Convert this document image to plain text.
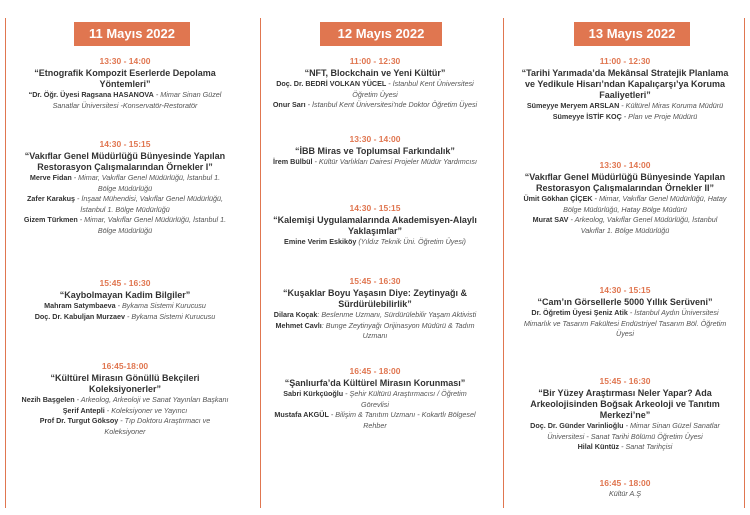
11 Mayıs 2022
13:30 - 14:00
“Etnografik Kompozit Eserlerde Depolama Yöntemleri”
“Dr. Öğr. Üyesi Ragsana HASANOVA - Mimar Sinan Güzel Sanatlar Üniversitesi -Konservatör-Restoratör
14:30 - 15:15
“Vakıflar Genel Müdürlüğü Bünyesinde Yapılan Restorasyon Çalışmalarından Örnekler I”
Merve Fidan - Mimar, Vakıflar Genel Müdürlüğü, İstanbul 1. Bölge Müdürlüğü
Zafer Karakuş - İnşaat Mühendisi, Vakıflar Genel Müdürlüğü, İstanbul 1. Bölge Müdürlüğü
Gizem Türkmen - Mimar, Vakıflar Genel Müdürlüğü, İstanbul 1. Bölge Müdürlüğü
15:45 - 16:30
“Kaybolmayan Kadim Bilgiler”
Mahram Satymbaeva - Bykama Sistemi Kurucusu
Doç. Dr. Kabuljan Murzaev - Bykama Sistemi Kurucusu
16:45-18:00
“Kültürel Mirasın Gönüllü Bekçileri Koleksiyonerler”
Nezih Başgelen - Arkeolog, Arkeoloji ve Sanat Yayınları Başkanı
Şerif Antepli - Koleksiyoner ve Yayıncı
Prof Dr. Turgut Göksoy - Tıp Doktoru Araştırmacı ve Koleksiyoner
12 Mayıs 2022
11:00 - 12:30
“NFT, Blockchain ve Yeni Kültür”
Doç. Dr. BEDRİ VOLKAN YÜCEL - İstanbul Kent Üniversitesi Öğretim Üyesi
Onur Sarı - İstanbul Kent Üniversitesi'nde Doktor Öğretim Üyesi
13:30 - 14:00
“İBB Miras ve Toplumsal Farkındalık”
İrem Bülbül - Kültür Varlıkları Dairesi Projeler Müdür Yardımcısı
14:30 - 15:15
“Kalemişi Uygulamalarında Akademisyen-Alaylı Yaklaşımlar”
Emine Verim Eskiköy (Yıldız Teknik Üni. Öğretim Üyesi)
15:45 - 16:30
“Kuşaklar Boyu Yaşasın Diye: Zeytinyağı & Sürdürülebilirlik”
Dilara Koçak: Beslenme Uzmanı, Sürdürülebilir Yaşam Aktivisti
Mehmet Cavlı: Bunge Zeytinyağı Orijinasyon Müdürü & Tadım Uzmanı
16:45 - 18:00
“Şanlıurfa’da Kültürel Mirasın Korunması”
Sabri Kürkçüoğlu - Şehir Kültürü Araştırmacısı / Öğretim Görevlisi
Mustafa AKGÜL - Bilişim & Tanıtım Uzmanı - Kokartlı Bölgesel Rehber
13 Mayıs 2022
11:00 - 12:30
“Tarihi Yarımada’da Mekânsal Stratejik Planlama ve Yedikule Hisarı’ndan Kapalıçarşı’ya Koruma Faaliyetleri”
Sümeyye Meryem ARSLAN - Kültürel Miras Koruma Müdürü
Sümeyye İSTİF KOÇ - Plan ve Proje Müdürü
13:30 - 14:00
“Vakıflar Genel Müdürlüğü Bünyesinde Yapılan Restorasyon Çalışmalarından Örnekler II”
Ümit Gökhan ÇİÇEK - Mimar, Vakıflar Genel Müdürlüğü, Hatay Bölge Müdürlüğü, Hatay Bölge Müdürü
Murat SAV - Arkeolog, Vakıflar Genel Müdürlüğü, İstanbul Vakıflar 1. Bölge Müdürlüğü
14:30 - 15:15
“Cam’ın Görsellerle 5000 Yıllık Serüveni”
Dr. Öğretim Üyesi Şeniz Atik - İstanbul Aydın Üniversitesi Mimarlık ve Tasarım Fakültesi Endüstriyel Tasarım Böl. Öğretim Üyesi
15:45 - 16:30
“Bir Yüzey Araştırması Neler Yapar? Ada Arkeolojisinden Boğsak Arkeoloji ve Tanıtım Merkezi’ne”
Doç. Dr. Günder Varinlioğlu - Mimar Sinan Güzel Sanatlar Üniversitesi - Sanat Tarihi Bölümü Öğretim Üyesi
Hilal Küntüz - Sanat Tarihçisi
16:45 - 18:00
Kültür A.Ş
